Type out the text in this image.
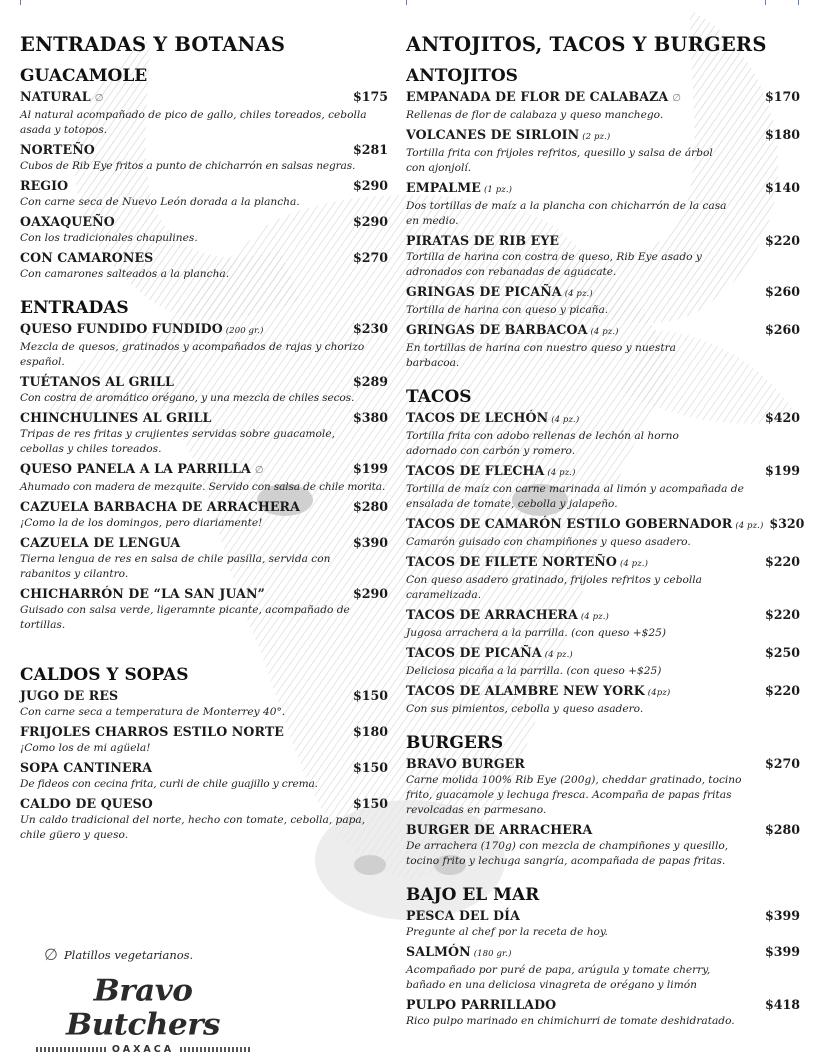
ENTRADAS Y BOTANAS
GUACAMOLE
NATURAL ∅	$175
Al natural acompañado de pico de gallo, chiles toreados, cebolla asada y totopos.
NORTEÑO	$281
Cubos de Rib Eye fritos a punto de chicharrón en salsas negras.
REGIO	$290
Con carne seca de Nuevo León dorada a la plancha.
OAXAQUEÑO	$290
Con los tradicionales chapulines.
CON CAMARONES	$270
Con camarones salteados a la plancha.
ENTRADAS
QUESO FUNDIDO FUNDIDO (200 gr.)	$230
Mezcla de quesos, gratinados y acompañados de rajas y chorizo español.
TUÉTANOS AL GRILL	$289
Con costra de aromático orégano, y una mezcla de chiles secos.
CHINCHULINES AL GRILL	$380
Tripas de res fritas y crujientes servidas sobre guacamole, cebollas y chiles toreados.
QUESO PANELA A LA PARRILLA ∅	$199
Ahumado con madera de mezquite. Servido con salsa de chile morita.
CAZUELA BARBACHA DE ARRACHERA	$280
¡Como la de los domingos, pero diariamente!
CAZUELA DE LENGUA	$390
Tierna lengua de res en salsa de chile pasilla, servida con rabanitos y cilantro.
CHICHARRÓN DE “LA SAN JUAN”	$290
Guisado con salsa verde, ligeramnte picante, acompañado de tortillas.
CALDOS Y SOPAS
JUGO DE RES	$150
Con carne seca a temperatura de Monterrey 40°.
FRIJOLES CHARROS ESTILO NORTE	$180
¡Como los de mi agüela!
SOPA CANTINERA	$150
De fideos con cecina frita, curli de chile guajillo y crema.
CALDO DE QUESO	$150
Un caldo tradicional del norte, hecho con tomate, cebolla, papa, chile güero y queso.
ANTOJITOS, TACOS Y BURGERS
ANTOJITOS
EMPANADA DE FLOR DE CALABAZA ∅	$170
Rellenas de flor de calabaza y queso manchego.
VOLCANES DE SIRLOIN (2 pz.)	$180
Tortilla frita con frijoles refritos, quesillo y salsa de árbol con ajonjolí.
EMPALME (1 pz.)	$140
Dos tortillas de maíz a la plancha con chicharrón de la casa en medio.
PIRATAS DE RIB EYE	$220
Tortilla de harina con costra de queso, Rib Eye asado y adronados con rebanadas de aguacate.
GRINGAS DE PICAÑA (4 pz.)	$260
Tortilla de harina con queso y picaña.
GRINGAS DE BARBACOA (4 pz.)	$260
En tortillas de harina con nuestro queso y nuestra barbacoa.
TACOS
TACOS DE LECHÓN (4 pz.)	$420
Tortilla frita con adobo rellenas de lechón al horno adornado con carbón y romero.
TACOS DE FLECHA (4 pz.)	$199
Tortilla de maíz con carne marinada al limón y acompañada de ensalada de tomate, cebolla y jalapeño.
TACOS DE CAMARÓN ESTILO GOBERNADOR (4 pz.) $320
Camarón guisado con champiñones y queso asadero.
TACOS DE FILETE NORTEÑO (4 pz.)	$220
Con queso asadero gratinado, frijoles refritos y cebolla caramelizada.
TACOS DE ARRACHERA (4 pz.)	$220
Jugosa arrachera a la parrilla. (con queso +$25)
TACOS DE PICAÑA (4 pz.)	$250
Deliciosa picaña a la parrilla. (con queso +$25)
TACOS DE ALAMBRE NEW YORK (4pz)	$220
Con sus pimientos, cebolla y queso asadero.
BURGERS
BRAVO BURGER	$270
Carne molida 100% Rib Eye (200g), cheddar gratinado, tocino frito, guacamole y lechuga fresca. Acompaña de papas fritas revolcadas en parmesano.
BURGER DE ARRACHERA	$280
De arrachera (170g) con mezcla de champiñones y quesillo, tocino frito y lechuga sangría, acompañada de papas fritas.
BAJO EL MAR
PESCA DEL DÍA	$399
Pregunte al chef por la receta de hoy.
SALMÓN (180 gr.)	$399
Acompañado por puré de papa, arúgula y tomate cherry, bañado en una deliciosa vinagreta de orégano y limón
PULPO PARRILLADO	$418
Rico pulpo marinado en chimichurri de tomate deshidratado.
∅ Platillos vegetarianos.
Bravo Butchers
OAXACA
